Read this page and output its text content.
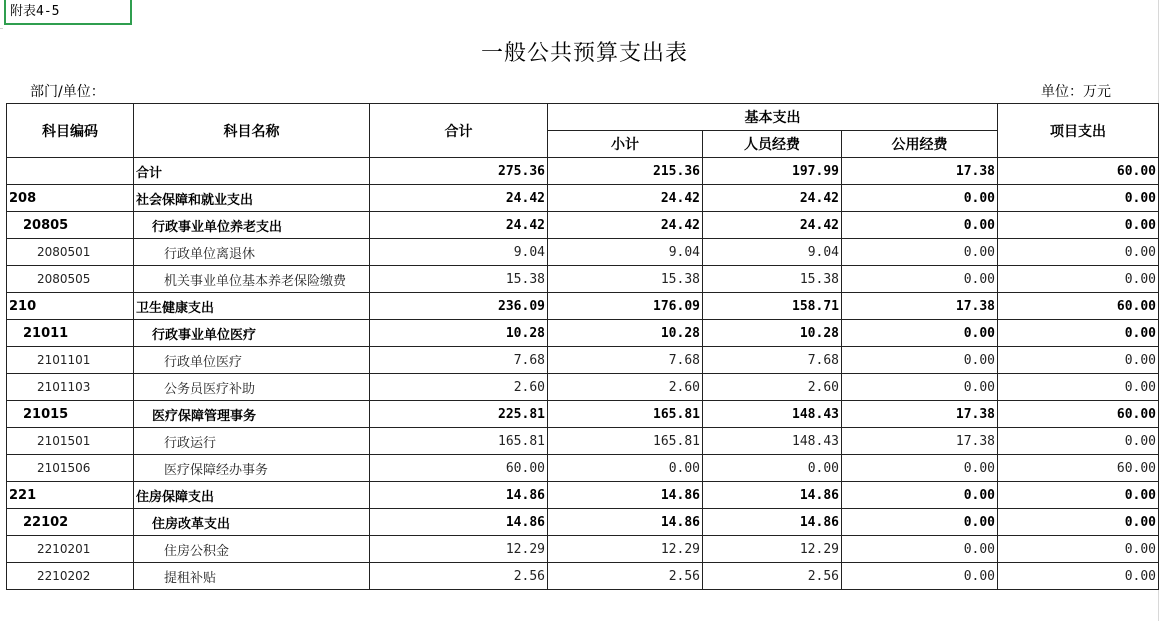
附表4-5
一般公共预算支出表
部门/单位：	单位：万元
科目编码	科目名称	合计	基本支出			项目支出
			小计	人员经费	公用经费	
	合计	275.36	215.36	197.99	17.38	60.00
208	社会保障和就业支出	24.42	24.42	24.42	0.00	0.00
20805	行政事业单位养老支出	24.42	24.42	24.42	0.00	0.00
2080501	行政单位离退休	9.04	9.04	9.04	0.00	0.00
2080505	机关事业单位基本养老保险缴费	15.38	15.38	15.38	0.00	0.00
210	卫生健康支出	236.09	176.09	158.71	17.38	60.00
21011	行政事业单位医疗	10.28	10.28	10.28	0.00	0.00
2101101	行政单位医疗	7.68	7.68	7.68	0.00	0.00
2101103	公务员医疗补助	2.60	2.60	2.60	0.00	0.00
21015	医疗保障管理事务	225.81	165.81	148.43	17.38	60.00
2101501	行政运行	165.81	165.81	148.43	17.38	0.00
2101506	医疗保障经办事务	60.00	0.00	0.00	0.00	60.00
221	住房保障支出	14.86	14.86	14.86	0.00	0.00
22102	住房改革支出	14.86	14.86	14.86	0.00	0.00
2210201	住房公积金	12.29	12.29	12.29	0.00	0.00
2210202	提租补贴	2.56	2.56	2.56	0.00	0.00
